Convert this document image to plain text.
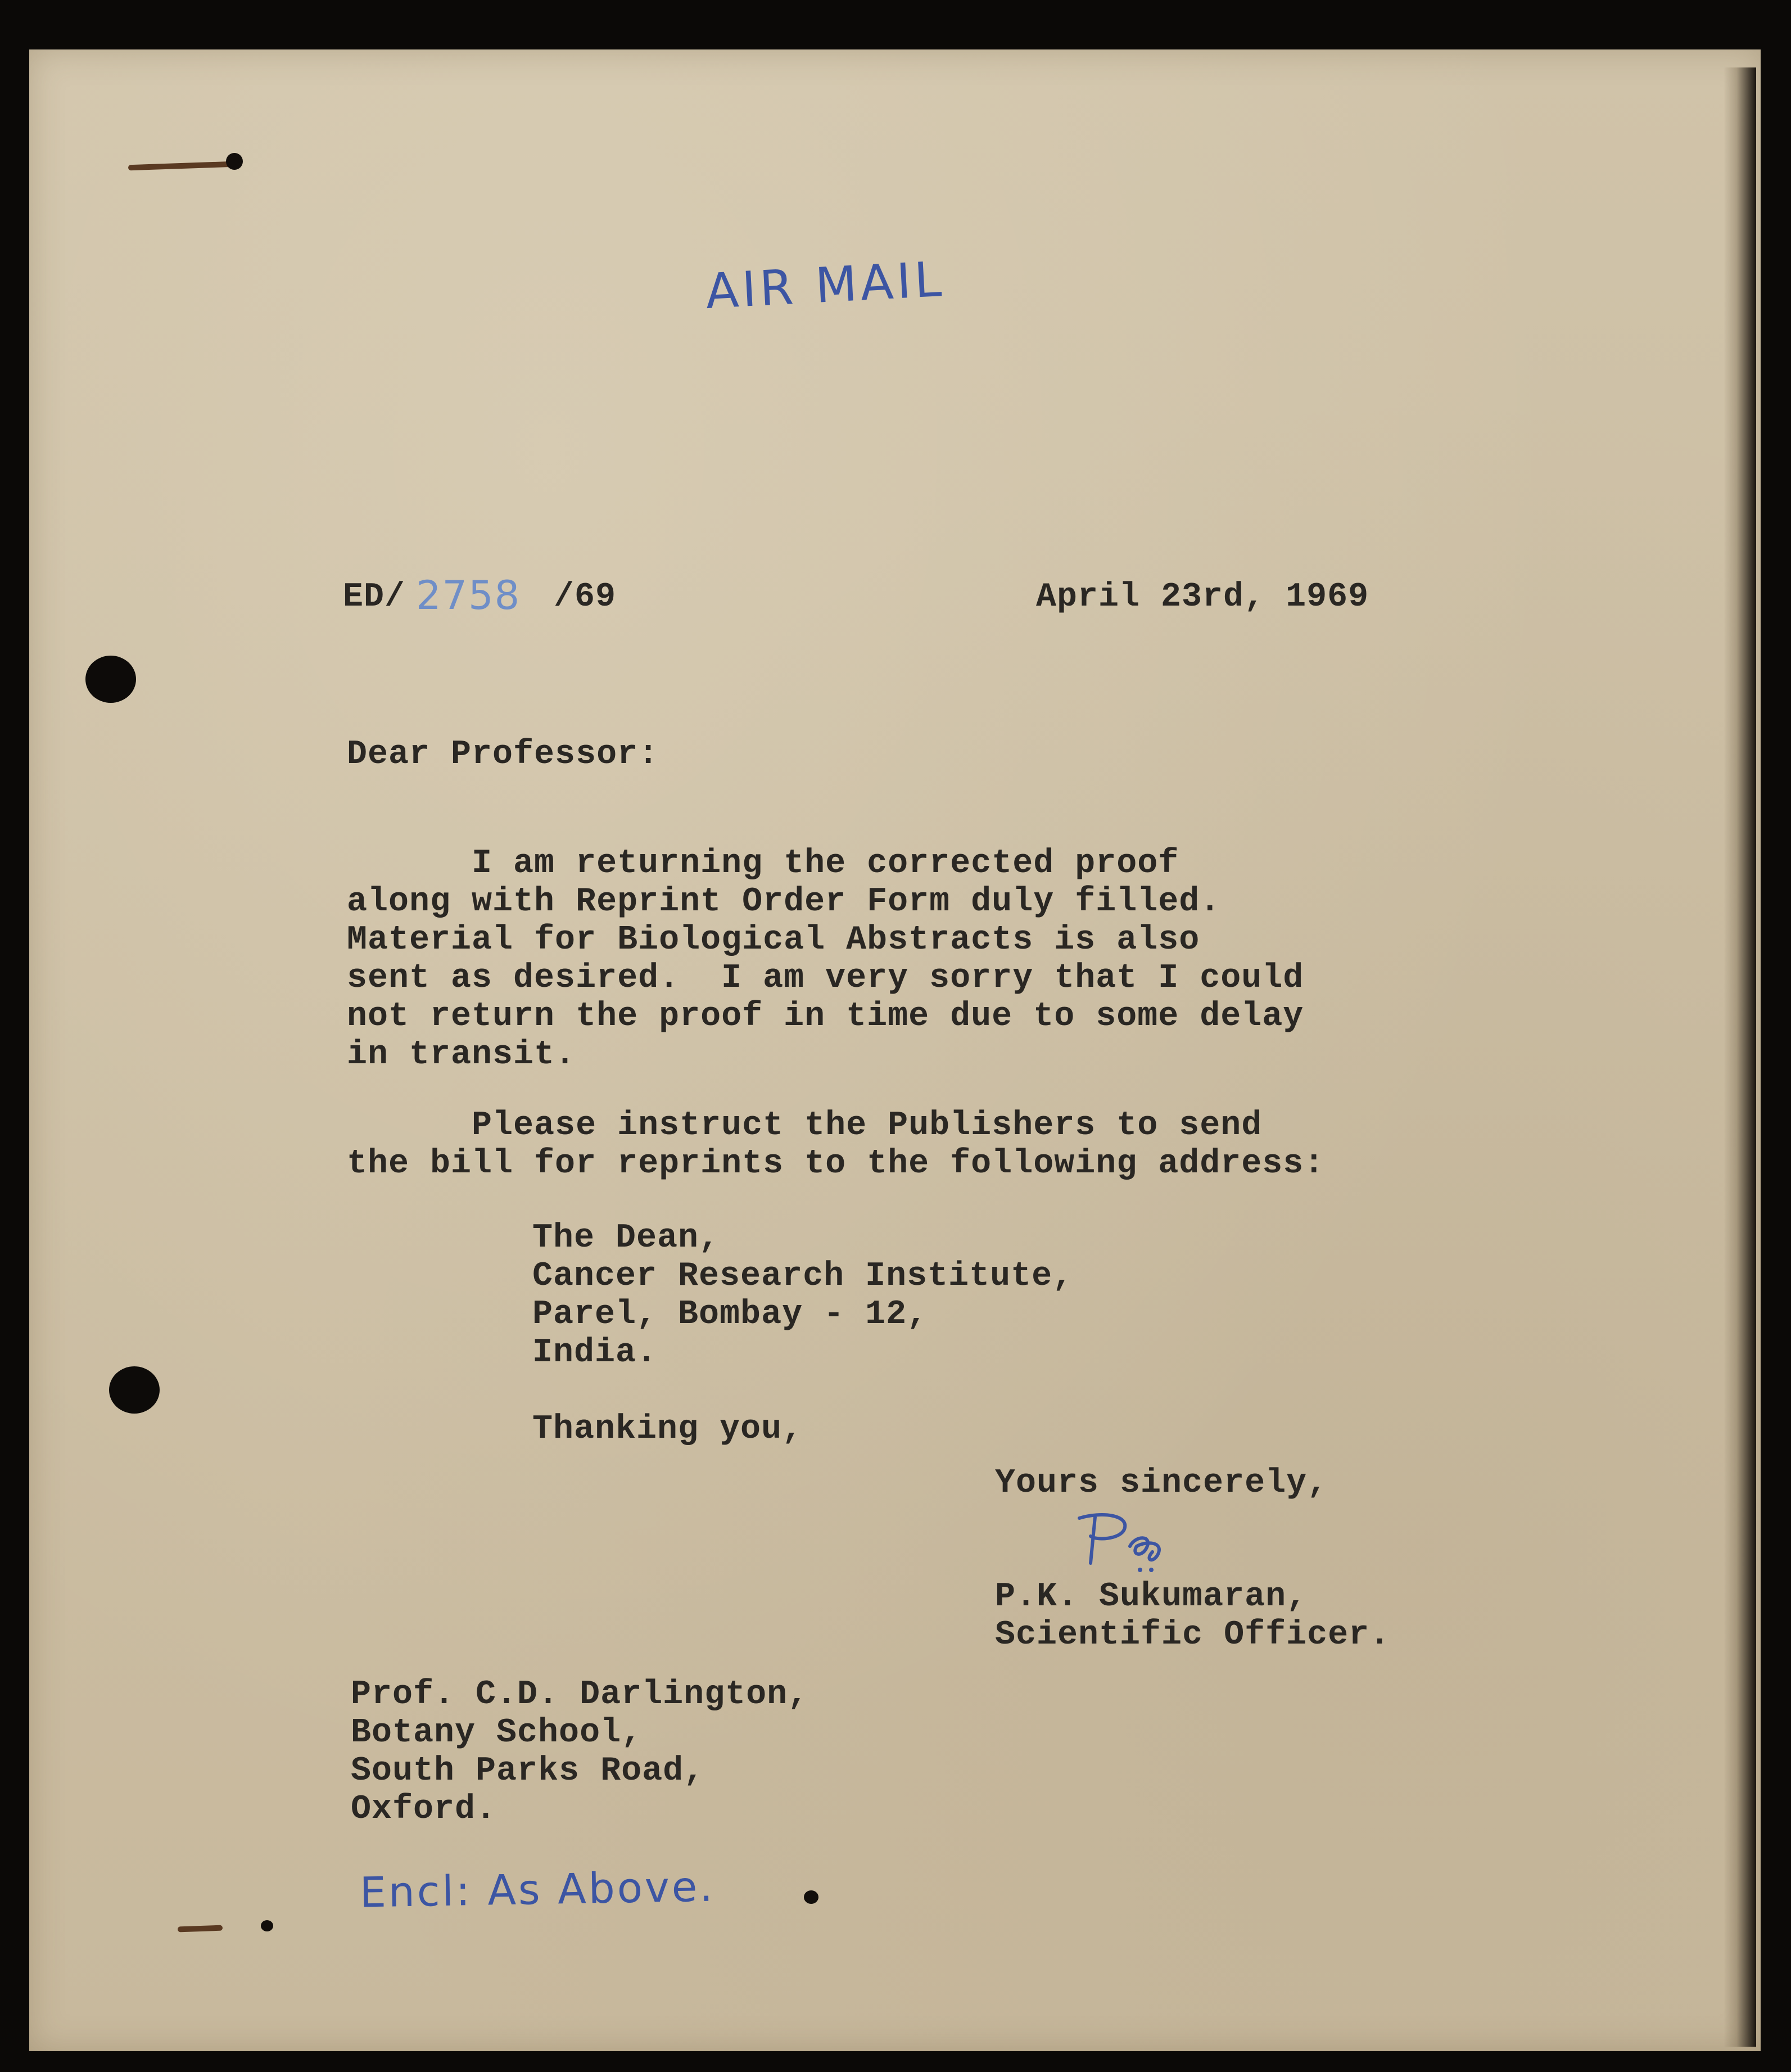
AIR MAIL
ED/ 2758 /69	April 23rd, 1969
Dear Professor:
I am returning the corrected proof
along with Reprint Order Form duly filled.
Material for Biological Abstracts is also
sent as desired.  I am very sorry that I could
not return the proof in time due to some delay
in transit.
Please instruct the Publishers to send
the bill for reprints to the following address:
The Dean,
Cancer Research Institute,
Parel, Bombay - 12,
India.
Thanking you,
Yours sincerely,
P.K. Sukumaran,
Scientific Officer.
Prof. C.D. Darlington,
Botany School,
South Parks Road,
Oxford.
Encl: As Above.
